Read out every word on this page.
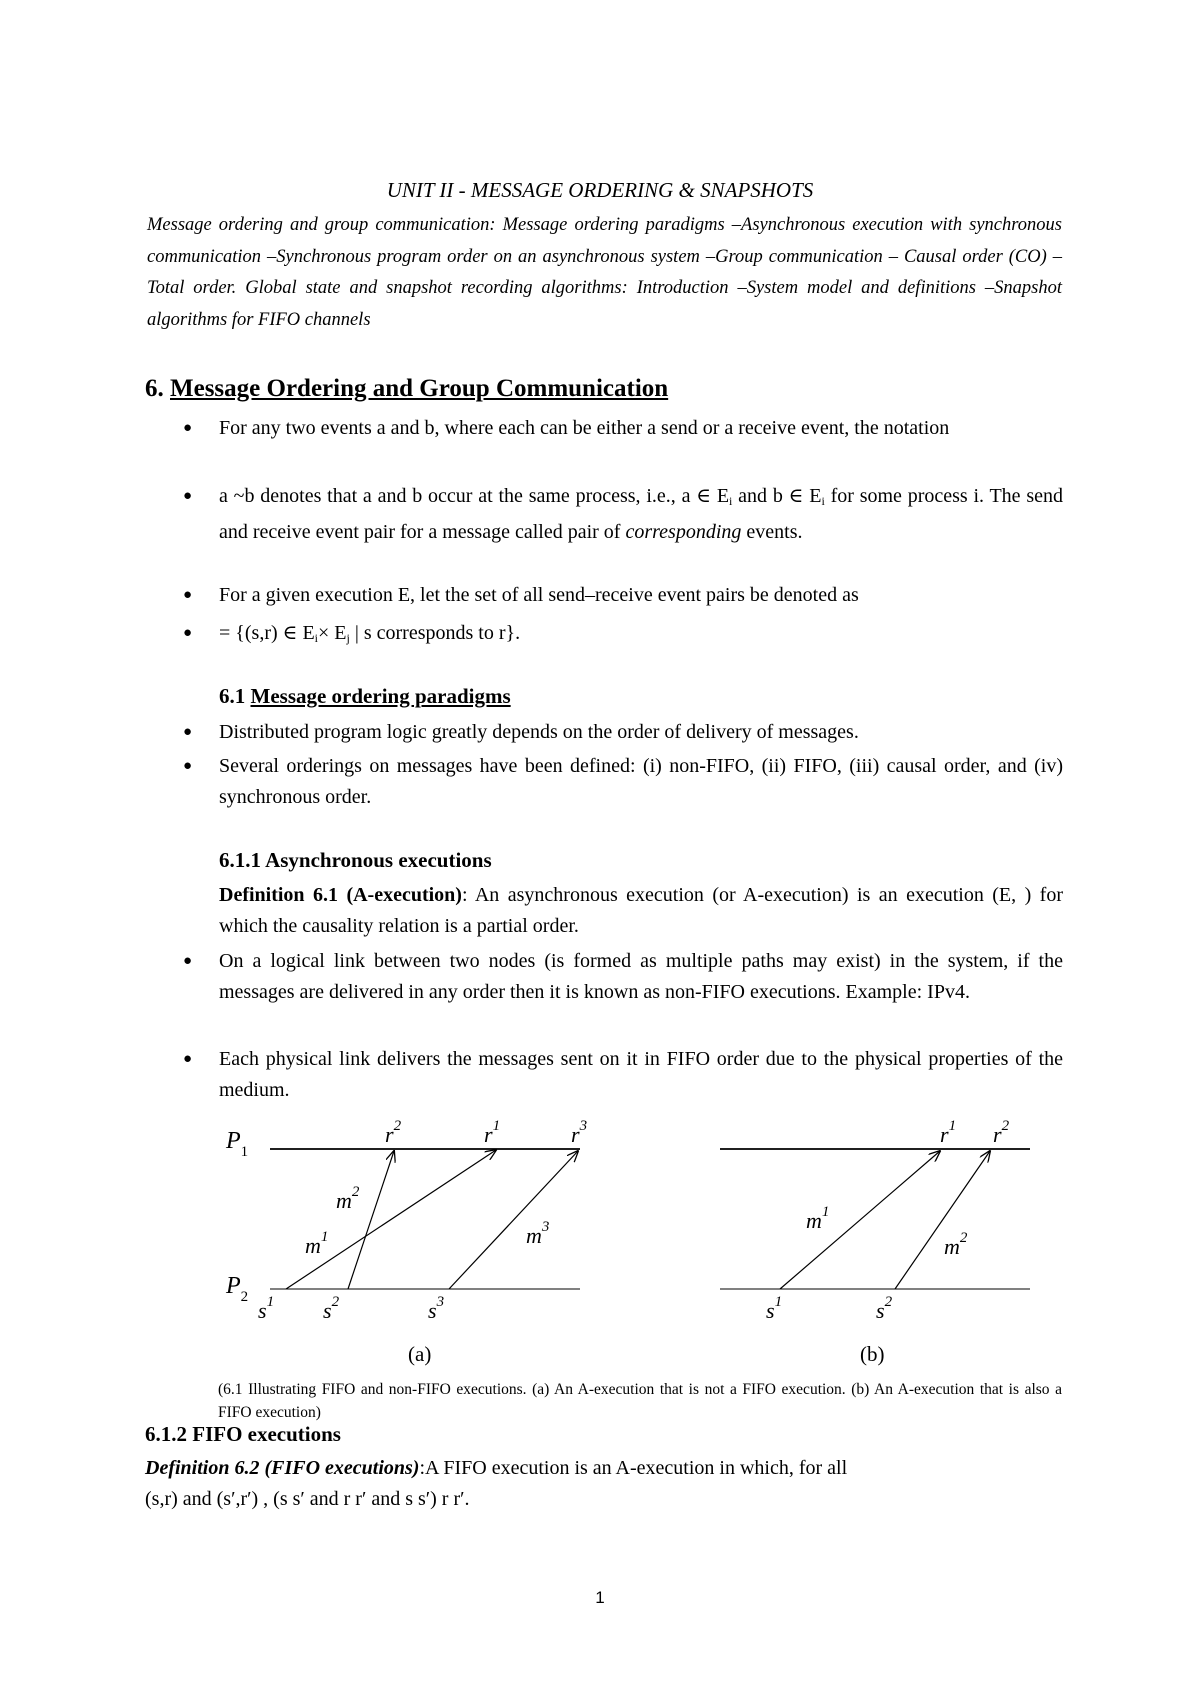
UNIT II - MESSAGE ORDERING & SNAPSHOTS
Message ordering and group communication: Message ordering paradigms –Asynchronous execution with synchronous communication –Synchronous program order on an asynchronous system –Group communication – Causal order (CO) – Total order. Global state and snapshot recording algorithms: Introduction –System model and definitions –Snapshot algorithms for FIFO channels
6. Message Ordering and Group Communication
● For any two events a and b, where each can be either a send or a receive event, the notation
● a ~b denotes that a and b occur at the same process, i.e., a ∈ $E_i$ and b ∈ $E_i$ for some process i. The send and receive event pair for a message called pair of corresponding events.
● For a given execution E, let the set of all send–receive event pairs be denoted as
● = {(s,r) ∈ $E_i\times E_j$ | s corresponds to r}.
6.1 Message ordering paradigms
● Distributed program logic greatly depends on the order of delivery of messages.
● Several orderings on messages have been defined: (i) non-FIFO, (ii) FIFO, (iii) causal order, and (iv) synchronous order.
6.1.1 Asynchronous executions
Definition 6.1 (A-execution): An asynchronous execution (or A-execution) is an execution (E, ) for which the causality relation is a partial order.
● On a logical link between two nodes (is formed as multiple paths may exist) in the system, if the messages are delivered in any order then it is known as non-FIFO executions. Example: IPv4.
● Each physical link delivers the messages sent on it in FIFO order due to the physical properties of the medium.
$P_1$
$P_2$
$r^2$	$r^1$	$r^3$
$m^2$
$m^1$	$m^3$
$s^1$ $s^2$	$s^3$
(a)
$r^1$ $r^2$
$m^1$
$m^2$
$s^1$	$s^2$
(b)
(6.1 Illustrating FIFO and non-FIFO executions. (a) An A-execution that is not a FIFO execution. (b) An A-execution that is also a FIFO execution)
6.1.2 FIFO executions
Definition 6.2 (FIFO executions):A FIFO execution is an A-execution in which, for all
(s,r) and (s′,r′) , (s s′ and r r′ and s s′) r r′.
1
